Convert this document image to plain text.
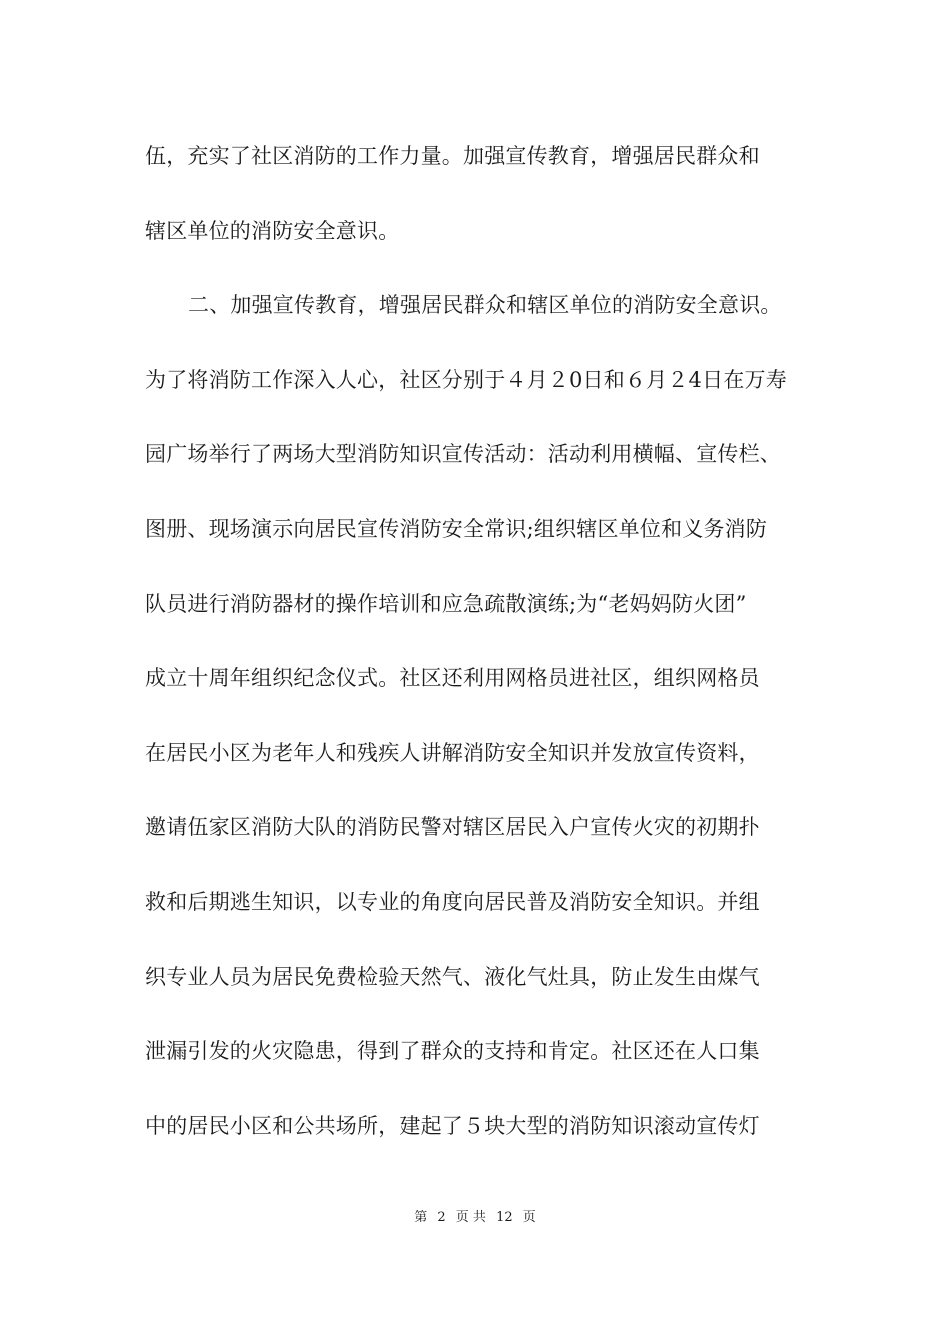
伍，充实了社区消防的工作力量。加强宣传教育，增强居民群众和
辖区单位的消防安全意识。
二、加强宣传教育，增强居民群众和辖区单位的消防安全意识。
为了将消防工作深入人心，社区分别于４月２0日和６月２4日在万寿
园广场举行了两场大型消防知识宣传活动：活动利用横幅、宣传栏、
图册、现场演示向居民宣传消防安全常识;组织辖区单位和义务消防
队员进行消防器材的操作培训和应急疏散演练;为“老妈妈防火团”
成立十周年组织纪念仪式。社区还利用网格员进社区，组织网格员
在居民小区为老年人和残疾人讲解消防安全知识并发放宣传资料，
邀请伍家区消防大队的消防民警对辖区居民入户宣传火灾的初期扑
救和后期逃生知识，以专业的角度向居民普及消防安全知识。并组
织专业人员为居民免费检验天然气、液化气灶具，防止发生由煤气
泄漏引发的火灾隐患，得到了群众的支持和肯定。社区还在人口集
中的居民小区和公共场所，建起了５块大型的消防知识滚动宣传灯
第 2 页 共 12 页
